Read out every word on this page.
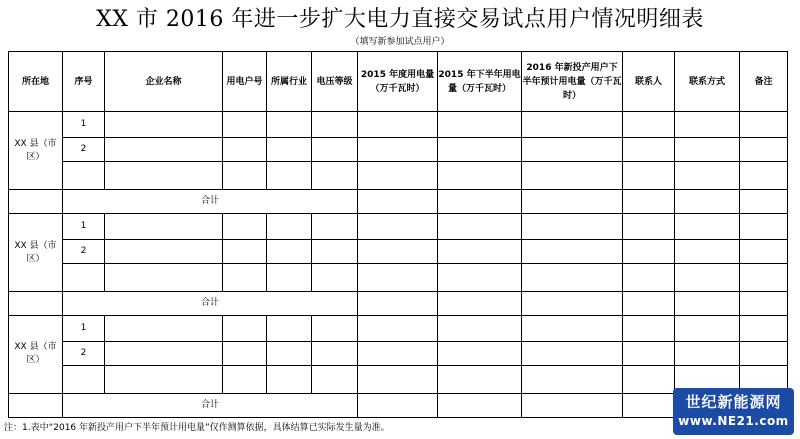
XX 市 2016 年进一步扩大电力直接交易试点用户情况明细表
（填写新参加试点用户）
所在地	序号	企业名称	用电户号	所属行业	电压等级	2015 年度用电量（万千瓦时）	2015 年下半年用电量（万千瓦时）	2016 年新投产用户下半年预计用电量（万千瓦时）	联系人	联系方式	备注
XX 县（市区）	1										
	2										

	合计										
XX 县（市区）	1										
	2										

	合计										
XX 县（市区）	1										
	2										

	合计										
注：1.表中“2016 年新投产用户下半年预计用电量”仅作测算依据，具体结算已实际发生量为准。
世纪新能源网
www.NE21.com
